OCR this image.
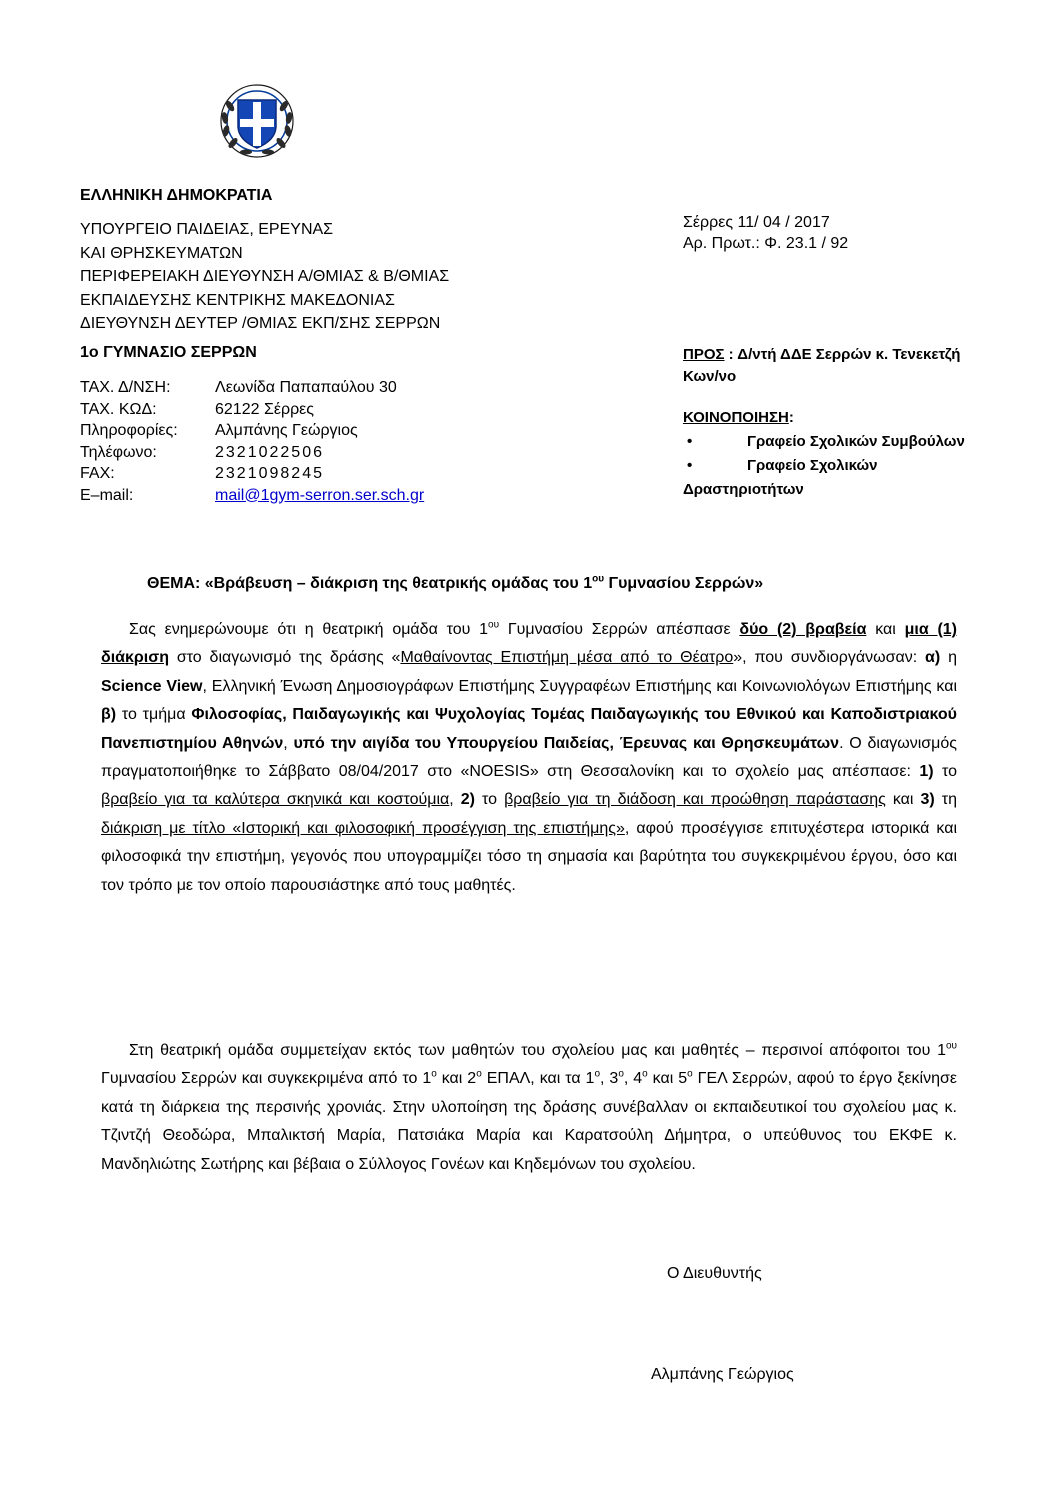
ΕΛΛΗΝΙΚΗ ΔΗΜΟΚΡΑΤΙΑ
ΥΠΟΥΡΓΕΙΟ ΠΑΙΔΕΙΑΣ, ΕΡΕΥΝΑΣ
ΚΑΙ ΘΡΗΣΚΕΥΜΑΤΩΝ
ΠΕΡΙΦΕΡΕΙΑΚΗ ΔΙΕΥΘΥΝΣΗ Α/ΘΜΙΑΣ & Β/ΘΜΙΑΣ
ΕΚΠΑΙΔΕΥΣΗΣ ΚΕΝΤΡΙΚΗΣ ΜΑΚΕΔΟΝΙΑΣ
ΔΙΕΥΘΥΝΣΗ ΔΕΥΤΕΡ /ΘΜΙΑΣ ΕΚΠ/ΣΗΣ ΣΕΡΡΩΝ
1ο ΓΥΜΝΑΣΙΟ ΣΕΡΡΩΝ
ΤΑΧ. Δ/ΝΣΗ:	Λεωνίδα Παπαπαύλου 30
ΤΑΧ. ΚΩΔ:	62122 Σέρρες
Πληροφορίες:	Αλμπάνης Γεώργιος
Τηλέφωνο:	2321022506
FAX:	2321098245
E–mail:	mail@1gym-serron.ser.sch.gr
Σέρρες 11/ 04 / 2017
Αρ. Πρωτ.: Φ. 23.1 / 92
ΠΡΟΣ : Δ/ντή ΔΔΕ Σερρών κ. Τενεκετζή Κων/νο
ΚΟΙΝΟΠΟΙΗΣΗ:
•	Γραφείο Σχολικών Συμβούλων
•	Γραφείο Σχολικών Δραστηριοτήτων
ΘΕΜΑ: «Βράβευση – διάκριση της θεατρικής ομάδας του $1^{o\upsilon}$ Γυμνασίου Σερρών»

Σας ενημερώνουμε ότι η θεατρική ομάδα του $1^{o\upsilon}$ Γυμνασίου Σερρών απέσπασε δύο (2) βραβεία και μια (1) διάκριση στο διαγωνισμό της δράσης «Μαθαίνοντας Επιστήμη μέσα από το Θέατρο», που συνδιοργάνωσαν: α) η Science View, Ελληνική Ένωση Δημοσιογράφων Επιστήμης Συγγραφέων Επιστήμης και Κοινωνιολόγων Επιστήμης και β) το τμήμα Φιλοσοφίας, Παιδαγωγικής και Ψυχολογίας Τομέας Παιδαγωγικής του Εθνικού και Καποδιστριακού Πανεπιστημίου Αθηνών, υπό την αιγίδα του Υπουργείου Παιδείας, Έρευνας και Θρησκευμάτων. Ο διαγωνισμός πραγματοποιήθηκε το Σάββατο 08/04/2017 στο «NOESIS» στη Θεσσαλονίκη και το σχολείο μας απέσπασε: 1) το βραβείο για τα καλύτερα σκηνικά και κοστούμια, 2) το βραβείο για τη διάδοση και προώθηση παράστασης και 3) τη διάκριση με τίτλο «Ιστορική και φιλοσοφική προσέγγιση της επιστήμης», αφού προσέγγισε επιτυχέστερα ιστορικά και φιλοσοφικά την επιστήμη, γεγονός που υπογραμμίζει τόσο τη σημασία και βαρύτητα του συγκεκριμένου έργου, όσο και τον τρόπο με τον οποίο παρουσιάστηκε από τους μαθητές.

Στη θεατρική ομάδα συμμετείχαν εκτός των μαθητών του σχολείου μας και μαθητές – περσινοί απόφοιτοι του $1^{o\upsilon}$ Γυμνασίου Σερρών και συγκεκριμένα από το $1^o$ και $2^o$ ΕΠΑΛ, και τα $1^o$, $3^o$, $4^o$ και $5^o$ ΓΕΛ Σερρών, αφού το έργο ξεκίνησε κατά τη διάρκεια της περσινής χρονιάς. Στην υλοποίηση της δράσης συνέβαλλαν οι εκπαιδευτικοί του σχολείου μας κ. Τζιντζή Θεοδώρα, Μπαλικτσή Μαρία, Πατσιάκα Μαρία και Καρατσούλη Δήμητρα, ο υπεύθυνος του ΕΚΦΕ κ. Μανδηλιώτης Σωτήρης και βέβαια ο Σύλλογος Γονέων και Κηδεμόνων του σχολείου.

Ο Διευθυντής
Αλμπάνης Γεώργιος
